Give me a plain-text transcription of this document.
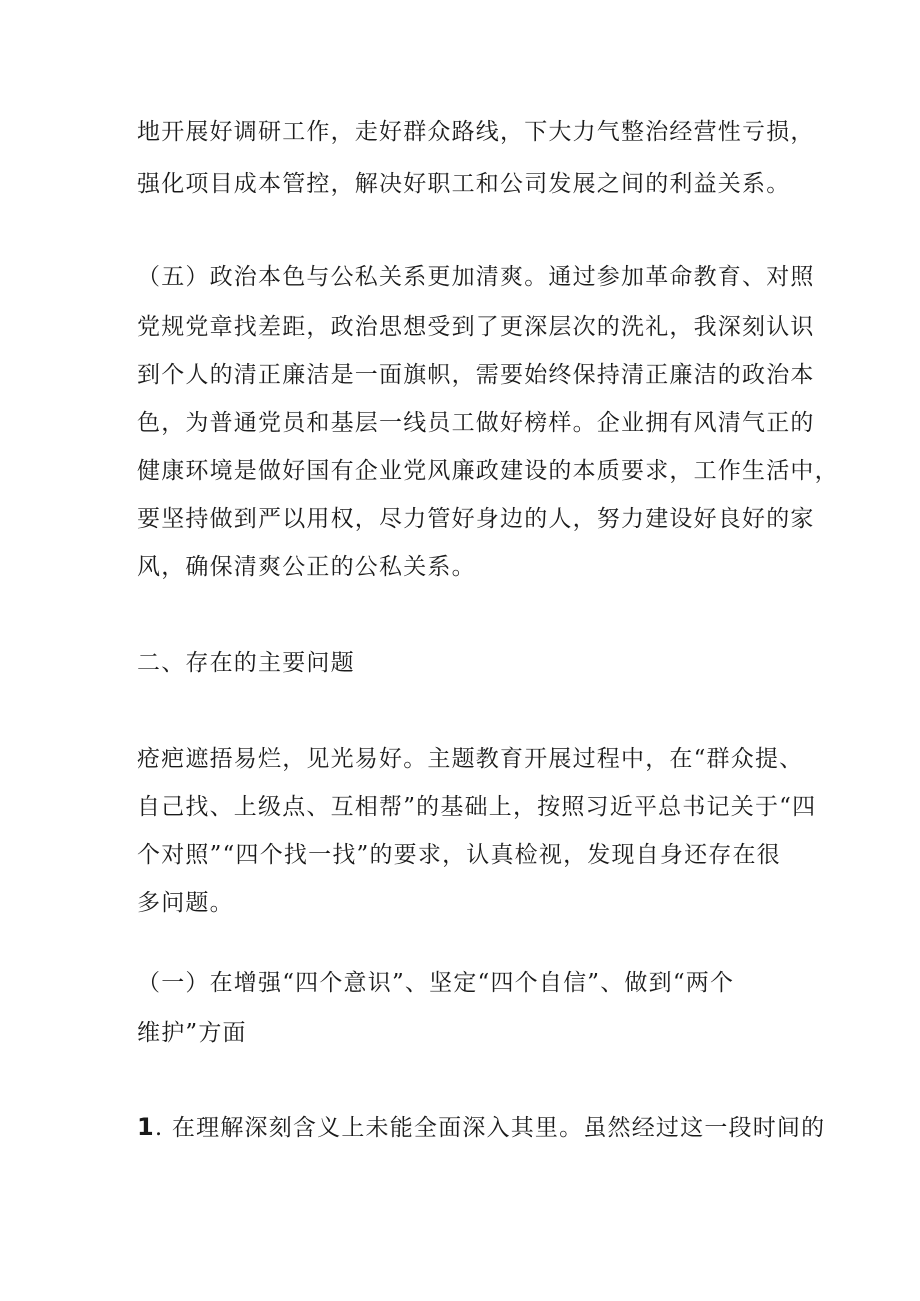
地开展好调研工作，走好群众路线，下大力气整治经营性亏损，
强化项目成本管控，解决好职工和公司发展之间的利益关系。
（五）政治本色与公私关系更加清爽。通过参加革命教育、对照
党规党章找差距，政治思想受到了更深层次的洗礼，我深刻认识
到个人的清正廉洁是一面旗帜，需要始终保持清正廉洁的政治本
色，为普通党员和基层一线员工做好榜样。企业拥有风清气正的
健康环境是做好国有企业党风廉政建设的本质要求，工作生活中，
要坚持做到严以用权，尽力管好身边的人，努力建设好良好的家
风，确保清爽公正的公私关系。
二、存在的主要问题
疮疤遮捂易烂，见光易好。主题教育开展过程中，在“群众提、
自己找、上级点、互相帮”的基础上，按照习近平总书记关于“四
个对照”“四个找一找”的要求，认真检视，发现自身还存在很
多问题。
（一）在增强“四个意识”、坚定“四个自信”、做到“两个
维护”方面
1. 在理解深刻含义上未能全面深入其里。虽然经过这一段时间的
